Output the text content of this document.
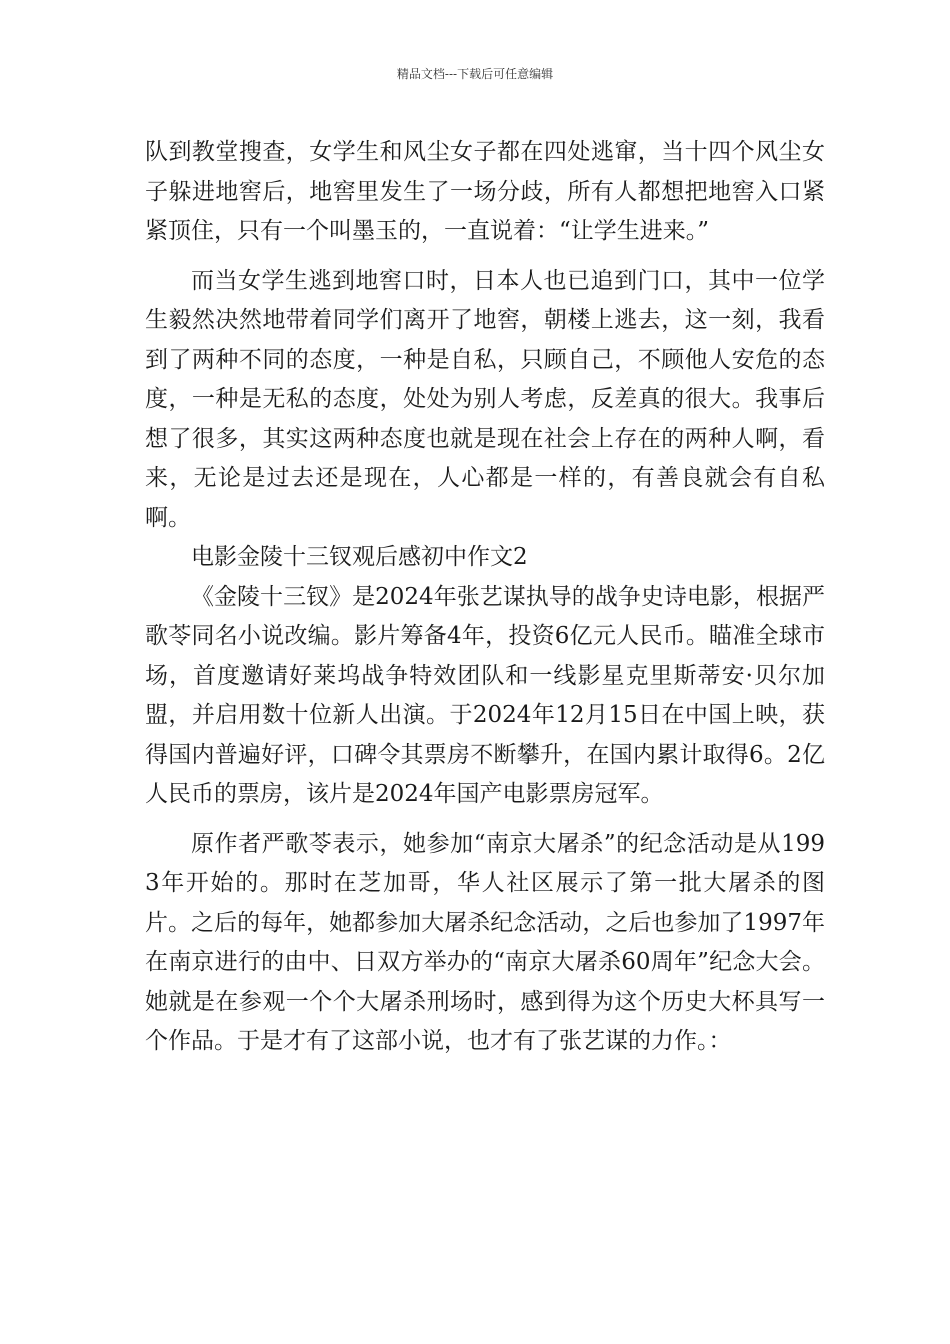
精品文档---下载后可任意编辑

队到教堂搜查，女学生和风尘女子都在四处逃窜，当十四个风尘女子躲进地窖后，地窖里发生了一场分歧，所有人都想把地窖入口紧紧顶住，只有一个叫墨玉的，一直说着：“让学生进来。”

而当女学生逃到地窖口时，日本人也已追到门口，其中一位学生毅然决然地带着同学们离开了地窖，朝楼上逃去，这一刻，我看到了两种不同的态度，一种是自私，只顾自己，不顾他人安危的态度，一种是无私的态度，处处为别人考虑，反差真的很大。我事后想了很多，其实这两种态度也就是现在社会上存在的两种人啊，看来，无论是过去还是现在，人心都是一样的，有善良就会有自私啊。

电影金陵十三钗观后感初中作文2

《金陵十三钗》是2024年张艺谋执导的战争史诗电影，根据严歌苓同名小说改编。影片筹备4年，投资6亿元人民币。瞄准全球市场，首度邀请好莱坞战争特效团队和一线影星克里斯蒂安·贝尔加盟，并启用数十位新人出演。于2024年12月15日在中国上映，获得国内普遍好评，口碑令其票房不断攀升，在国内累计取得6。2亿人民币的票房，该片是2024年国产电影票房冠军。

原作者严歌苓表示，她参加“南京大屠杀”的纪念活动是从1993年开始的。那时在芝加哥，华人社区展示了第一批大屠杀的图片。之后的每年，她都参加大屠杀纪念活动，之后也参加了1997年在南京进行的由中、日双方举办的“南京大屠杀60周年”纪念大会。她就是在参观一个个大屠杀刑场时，感到得为这个历史大杯具写一个作品。于是才有了这部小说，也才有了张艺谋的力作。：
